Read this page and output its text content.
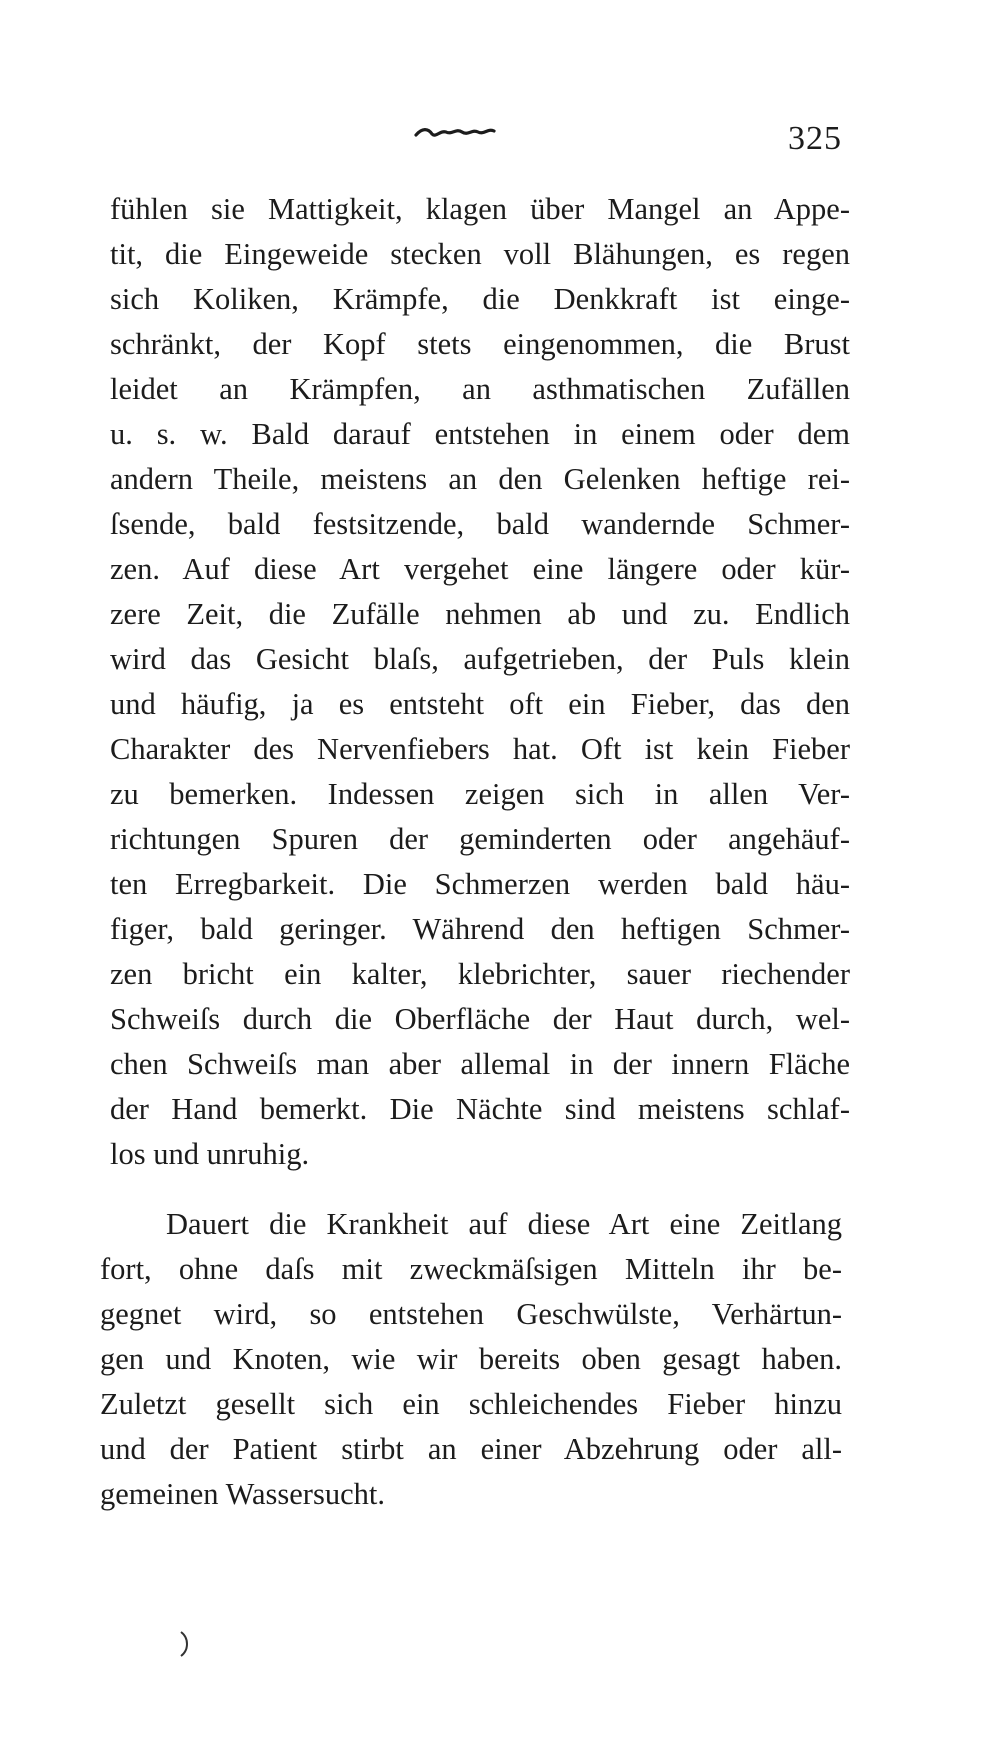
325
fühlen sie Mattigkeit, klagen über Mangel an Appe-
tit, die Eingeweide stecken voll Blähungen, es regen
sich Koliken, Krämpfe, die Denkkraft ist einge-
schränkt, der Kopf stets eingenommen, die Brust
leidet an Krämpfen, an asthmatischen Zufällen
u. s. w. Bald darauf entstehen in einem oder dem
andern Theile, meistens an den Gelenken heftige rei-
ſsende, bald festsitzende, bald wandernde Schmer-
zen. Auf diese Art vergehet eine längere oder kür-
zere Zeit, die Zufälle nehmen ab und zu. Endlich
wird das Gesicht blaſs, aufgetrieben, der Puls klein
und häufig, ja es entsteht oft ein Fieber, das den
Charakter des Nervenfiebers hat. Oft ist kein Fieber
zu bemerken. Indessen zeigen sich in allen Ver-
richtungen Spuren der geminderten oder angehäuf-
ten Erregbarkeit. Die Schmerzen werden bald häu-
figer, bald geringer. Während den heftigen Schmer-
zen bricht ein kalter, klebrichter, sauer riechender
Schweiſs durch die Oberfläche der Haut durch, wel-
chen Schweiſs man aber allemal in der innern Fläche
der Hand bemerkt. Die Nächte sind meistens schlaf-
los und unruhig.
Dauert die Krankheit auf diese Art eine Zeitlang
fort, ohne daſs mit zweckmäſsigen Mitteln ihr be-
gegnet wird, so entstehen Geschwülste, Verhärtun-
gen und Knoten, wie wir bereits oben gesagt haben.
Zuletzt gesellt sich ein schleichendes Fieber hinzu
und der Patient stirbt an einer Abzehrung oder all-
gemeinen Wassersucht.
